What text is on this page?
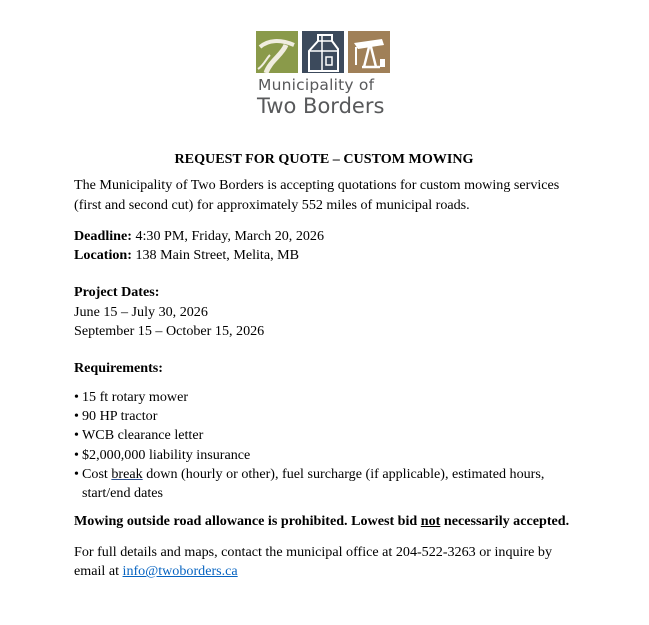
Municipality of
Two Borders

REQUEST FOR QUOTE – CUSTOM MOWING

The Municipality of Two Borders is accepting quotations for custom mowing services (first and second cut) for approximately 552 miles of municipal roads.

Deadline: 4:30 PM, Friday, March 20, 2026

Location: 138 Main Street, Melita, MB

Project Dates:

June 15 – July 30, 2026

September 15 – October 15, 2026

Requirements:

• 15 ft rotary mower
• 90 HP tractor
• WCB clearance letter
• $2,000,000 liability insurance
• Cost break down (hourly or other), fuel surcharge (if applicable), estimated hours, start/end dates

Mowing outside road allowance is prohibited. Lowest bid not necessarily accepted.

For full details and maps, contact the municipal office at 204-522-3263 or inquire by email at info@twoborders.ca
